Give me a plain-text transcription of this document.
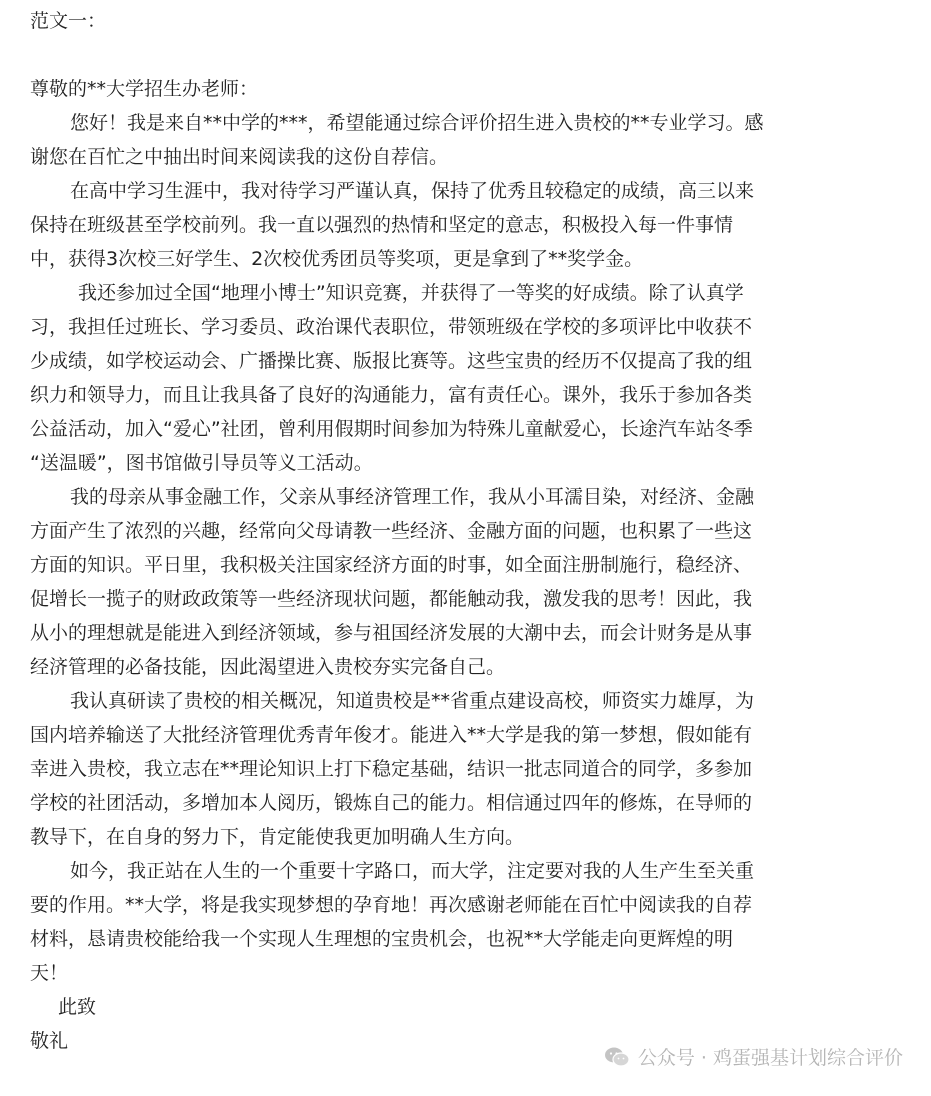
范文一：
尊敬的**大学招生办老师：
您好！我是来自**中学的***，希望能通过综合评价招生进入贵校的**专业学习。感
谢您在百忙之中抽出时间来阅读我的这份自荐信。
在高中学习生涯中，我对待学习严谨认真，保持了优秀且较稳定的成绩，高三以来
保持在班级甚至学校前列。我一直以强烈的热情和坚定的意志，积极投入每一件事情
中，获得3次校三好学生、2次校优秀团员等奖项，更是拿到了**奖学金。
我还参加过全国“地理小博士”知识竞赛，并获得了一等奖的好成绩。除了认真学
习，我担任过班长、学习委员、政治课代表职位，带领班级在学校的多项评比中收获不
少成绩，如学校运动会、广播操比赛、版报比赛等。这些宝贵的经历不仅提高了我的组
织力和领导力，而且让我具备了良好的沟通能力，富有责任心。课外，我乐于参加各类
公益活动，加入“爱心”社团，曾利用假期时间参加为特殊儿童献爱心，长途汽车站冬季
“送温暖”，图书馆做引导员等义工活动。
我的母亲从事金融工作，父亲从事经济管理工作，我从小耳濡目染，对经济、金融
方面产生了浓烈的兴趣，经常向父母请教一些经济、金融方面的问题，也积累了一些这
方面的知识。平日里，我积极关注国家经济方面的时事，如全面注册制施行，稳经济、
促增长一揽子的财政政策等一些经济现状问题，都能触动我，激发我的思考！因此，我
从小的理想就是能进入到经济领域，参与祖国经济发展的大潮中去，而会计财务是从事
经济管理的必备技能，因此渴望进入贵校夯实完备自己。
我认真研读了贵校的相关概况，知道贵校是**省重点建设高校，师资实力雄厚，为
国内培养输送了大批经济管理优秀青年俊才。能进入**大学是我的第一梦想，假如能有
幸进入贵校，我立志在**理论知识上打下稳定基础，结识一批志同道合的同学，多参加
学校的社团活动，多增加本人阅历，锻炼自己的能力。相信通过四年的修炼，在导师的
教导下，在自身的努力下，肯定能使我更加明确人生方向。
如今，我正站在人生的一个重要十字路口，而大学，注定要对我的人生产生至关重
要的作用。**大学，将是我实现梦想的孕育地！再次感谢老师能在百忙中阅读我的自荐
材料，恳请贵校能给我一个实现人生理想的宝贵机会，也祝**大学能走向更辉煌的明
天！
此致
敬礼
公众号 · 鸡蛋强基计划综合评价
